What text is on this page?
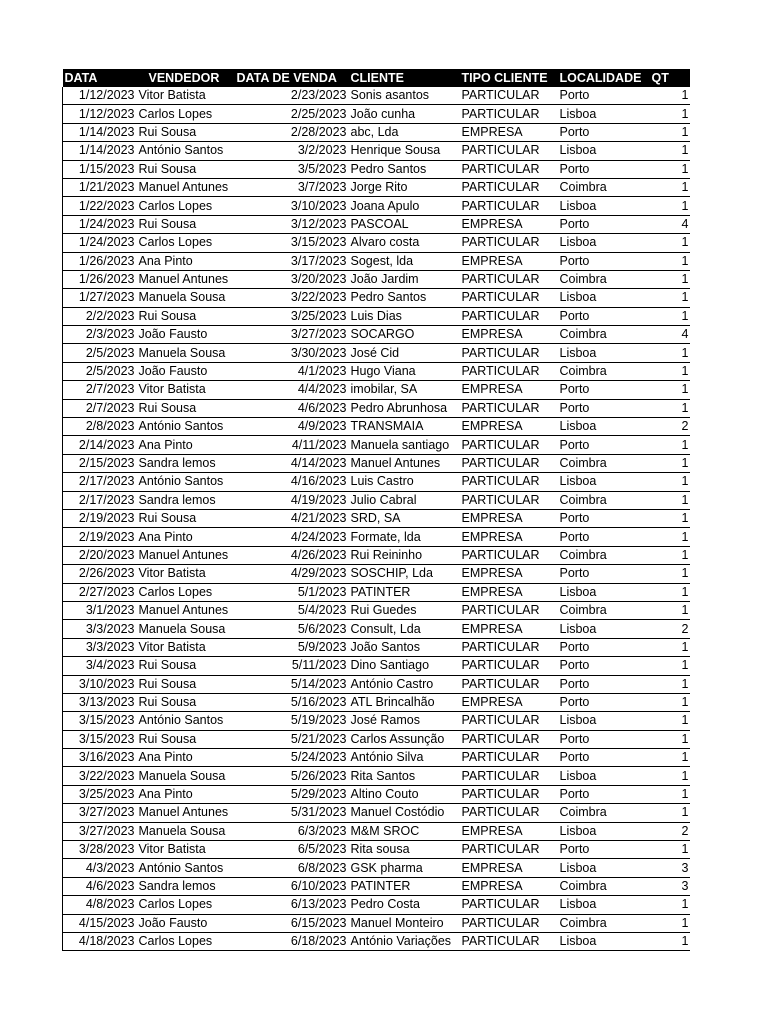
DATA	VENDEDOR	DATA DE VENDA	CLIENTE	TIPO CLIENTE	LOCALIDADE	QT
1/12/2023	Vitor Batista	2/23/2023	Sonis asantos	PARTICULAR	Porto	1
1/12/2023	Carlos Lopes	2/25/2023	João cunha	PARTICULAR	Lisboa	1
1/14/2023	Rui Sousa	2/28/2023	abc, Lda	EMPRESA	Porto	1
1/14/2023	António Santos	3/2/2023	Henrique Sousa	PARTICULAR	Lisboa	1
1/15/2023	Rui Sousa	3/5/2023	Pedro Santos	PARTICULAR	Porto	1
1/21/2023	Manuel Antunes	3/7/2023	Jorge Rito	PARTICULAR	Coimbra	1
1/22/2023	Carlos Lopes	3/10/2023	Joana Apulo	PARTICULAR	Lisboa	1
1/24/2023	Rui Sousa	3/12/2023	PASCOAL	EMPRESA	Porto	4
1/24/2023	Carlos Lopes	3/15/2023	Alvaro costa	PARTICULAR	Lisboa	1
1/26/2023	Ana Pinto	3/17/2023	Sogest, lda	EMPRESA	Porto	1
1/26/2023	Manuel Antunes	3/20/2023	João Jardim	PARTICULAR	Coimbra	1
1/27/2023	Manuela Sousa	3/22/2023	Pedro Santos	PARTICULAR	Lisboa	1
2/2/2023	Rui Sousa	3/25/2023	Luis Dias	PARTICULAR	Porto	1
2/3/2023	João Fausto	3/27/2023	SOCARGO	EMPRESA	Coimbra	4
2/5/2023	Manuela Sousa	3/30/2023	José Cid	PARTICULAR	Lisboa	1
2/5/2023	João Fausto	4/1/2023	Hugo Viana	PARTICULAR	Coimbra	1
2/7/2023	Vitor Batista	4/4/2023	imobilar, SA	EMPRESA	Porto	1
2/7/2023	Rui Sousa	4/6/2023	Pedro Abrunhosa	PARTICULAR	Porto	1
2/8/2023	António Santos	4/9/2023	TRANSMAIA	EMPRESA	Lisboa	2
2/14/2023	Ana Pinto	4/11/2023	Manuela santiago	PARTICULAR	Porto	1
2/15/2023	Sandra lemos	4/14/2023	Manuel Antunes	PARTICULAR	Coimbra	1
2/17/2023	António Santos	4/16/2023	Luis Castro	PARTICULAR	Lisboa	1
2/17/2023	Sandra lemos	4/19/2023	Julio Cabral	PARTICULAR	Coimbra	1
2/19/2023	Rui Sousa	4/21/2023	SRD, SA	EMPRESA	Porto	1
2/19/2023	Ana Pinto	4/24/2023	Formate, lda	EMPRESA	Porto	1
2/20/2023	Manuel Antunes	4/26/2023	Rui Reininho	PARTICULAR	Coimbra	1
2/26/2023	Vitor Batista	4/29/2023	SOSCHIP, Lda	EMPRESA	Porto	1
2/27/2023	Carlos Lopes	5/1/2023	PATINTER	EMPRESA	Lisboa	1
3/1/2023	Manuel Antunes	5/4/2023	Rui Guedes	PARTICULAR	Coimbra	1
3/3/2023	Manuela Sousa	5/6/2023	Consult, Lda	EMPRESA	Lisboa	2
3/3/2023	Vitor Batista	5/9/2023	João Santos	PARTICULAR	Porto	1
3/4/2023	Rui Sousa	5/11/2023	Dino Santiago	PARTICULAR	Porto	1
3/10/2023	Rui Sousa	5/14/2023	António Castro	PARTICULAR	Porto	1
3/13/2023	Rui Sousa	5/16/2023	ATL Brincalhão	EMPRESA	Porto	1
3/15/2023	António Santos	5/19/2023	José Ramos	PARTICULAR	Lisboa	1
3/15/2023	Rui Sousa	5/21/2023	Carlos Assunção	PARTICULAR	Porto	1
3/16/2023	Ana Pinto	5/24/2023	António Silva	PARTICULAR	Porto	1
3/22/2023	Manuela Sousa	5/26/2023	Rita Santos	PARTICULAR	Lisboa	1
3/25/2023	Ana Pinto	5/29/2023	Altino Couto	PARTICULAR	Porto	1
3/27/2023	Manuel Antunes	5/31/2023	Manuel Costódio	PARTICULAR	Coimbra	1
3/27/2023	Manuela Sousa	6/3/2023	M&M SROC	EMPRESA	Lisboa	2
3/28/2023	Vitor Batista	6/5/2023	Rita sousa	PARTICULAR	Porto	1
4/3/2023	António Santos	6/8/2023	GSK pharma	EMPRESA	Lisboa	3
4/6/2023	Sandra lemos	6/10/2023	PATINTER	EMPRESA	Coimbra	3
4/8/2023	Carlos Lopes	6/13/2023	Pedro Costa	PARTICULAR	Lisboa	1
4/15/2023	João Fausto	6/15/2023	Manuel Monteiro	PARTICULAR	Coimbra	1
4/18/2023	Carlos Lopes	6/18/2023	António Variações	PARTICULAR	Lisboa	1
